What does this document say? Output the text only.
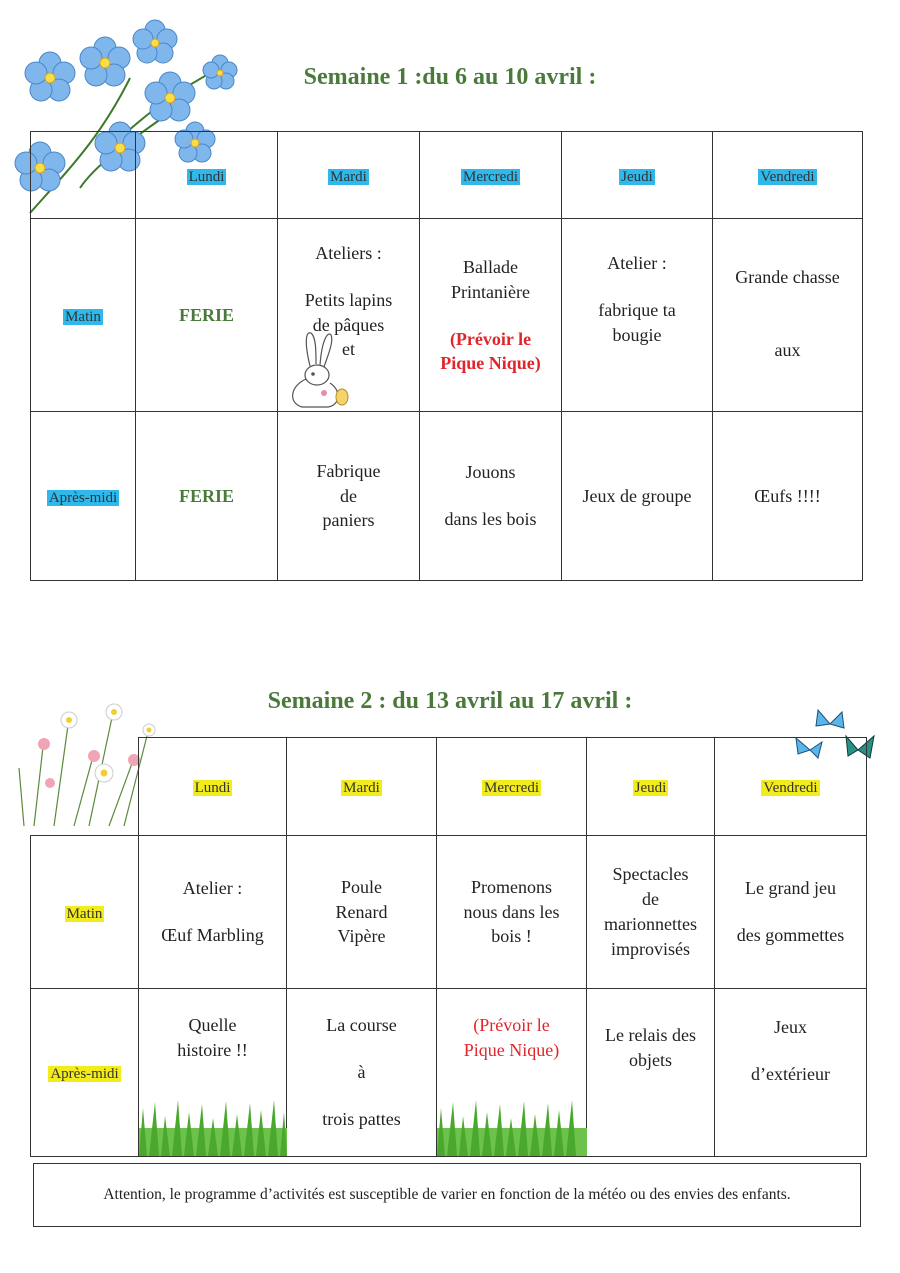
Semaine 1 :du 6 au 10 avril :
	Lundi	Mardi	Mercredi	Jeudi	Vendredi
Matin	FERIE	Ateliers :
Petits lapins
de pâques
et	Ballade
Printanière
(Prévoir le
Pique Nique)	Atelier :
fabrique ta
bougie	Grande chasse
aux
Après-midi	FERIE	Fabrique
de
paniers	Jouons
dans les bois	Jeux de groupe	Œufs !!!!
Semaine 2 : du 13 avril au 17 avril :
	Lundi	Mardi	Mercredi	Jeudi	Vendredi
Matin	Atelier :
Œuf Marbling	Poule
Renard
Vipère	Promenons
nous dans les
bois !	Spectacles
de
marionnettes
improvisés	Le grand jeu
des gommettes
Après-midi	Quelle
histoire !!	La course
à
trois pattes	(Prévoir le
Pique Nique)	Le relais des
objets	Jeux
d’extérieur
Attention, le programme d’activités est susceptible de varier en fonction de la météo ou des envies des enfants.
